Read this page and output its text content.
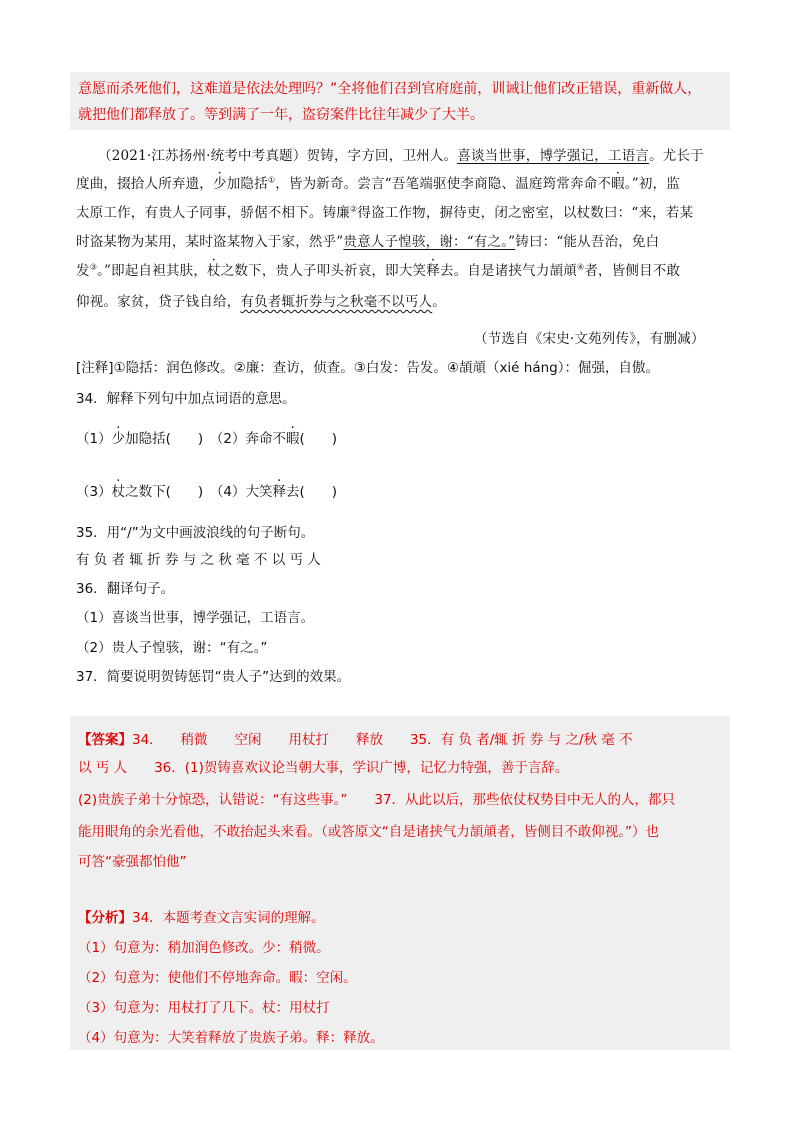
意愿而杀死他们，这难道是依法处理吗？”全将他们召到官府庭前，训诫让他们改正错误，重新做人，
就把他们都释放了。等到满了一年，盗窃案件比往年减少了大半。
（2021·江苏扬州·统考中考真题）贺铸，字方回，卫州人。喜谈当世事，博学强记，工语言。尤长于
度曲，掇拾人所弃遗，少加隐括①，皆为新奇。尝言“吾笔端驱使李商隐、温庭筠常奔命不暇。”初，监
太原工作，有贵人子同事，骄倨不相下。铸廉②得盗工作物，摒待吏，闭之密室，以杖数曰：“来，若某
时盗某物为某用，某时盗某物入于家，然乎”贵意人子惶骇，谢：“有之。”铸曰：“能从吾治，免白
发③。”即起自袒其肤，杖之数下，贵人子叩头祈哀，即大笑释去。自是诸挟气力頡頏④者，皆侧目不敢
仰视。家贫，贷子钱自给，有负者辄折券与之秋毫不以丐人。
（节选自《宋史·文苑列传》，有删减）
[注释]①隐括：润色修改。②廉：查访，侦查。③白发：告发。④頡頏（xié háng）：倔强，自傲。
34．解释下列句中加点词语的意思。
（1）少加隐括(　　)　（2）奔命不暇(　　)
（3）杖之数下(　　)　（4）大笑释去(　　)
35．用“/”为文中画波浪线的句子断句。
有 负 者 辄 折 券 与 之 秋 毫 不 以 丐 人
36．翻译句子。
（1）喜谈当世事，博学强记，工语言。
（2）贵人子惶骇，谢：“有之。”
37．简要说明贺铸惩罚“贵人子”达到的效果。
【答案】34.　　稍微　　空闲　　用杖打　　释放　　35．有 负 者/辄 折 券 与 之/秋 毫 不
以 丐 人　　36．(1)贺铸喜欢议论当朝大事，学识广博，记忆力特强，善于言辞。
(2)贵族子弟十分惊恐，认错说：“有这些事。”　　37．从此以后，那些依仗权势目中无人的人，都只
能用眼角的余光看他，不敢抬起头来看。（或答原文“自是诸挟气力頡頏者，皆侧目不敢仰视。”）也
可答“豪强都怕他”
【分析】34．本题考查文言实词的理解。
（1）句意为：稍加润色修改。少：稍微。
（2）句意为：使他们不停地奔命。暇：空闲。
（3）句意为：用杖打了几下。杖：用杖打
（4）句意为：大笑着释放了贵族子弟。释：释放。
